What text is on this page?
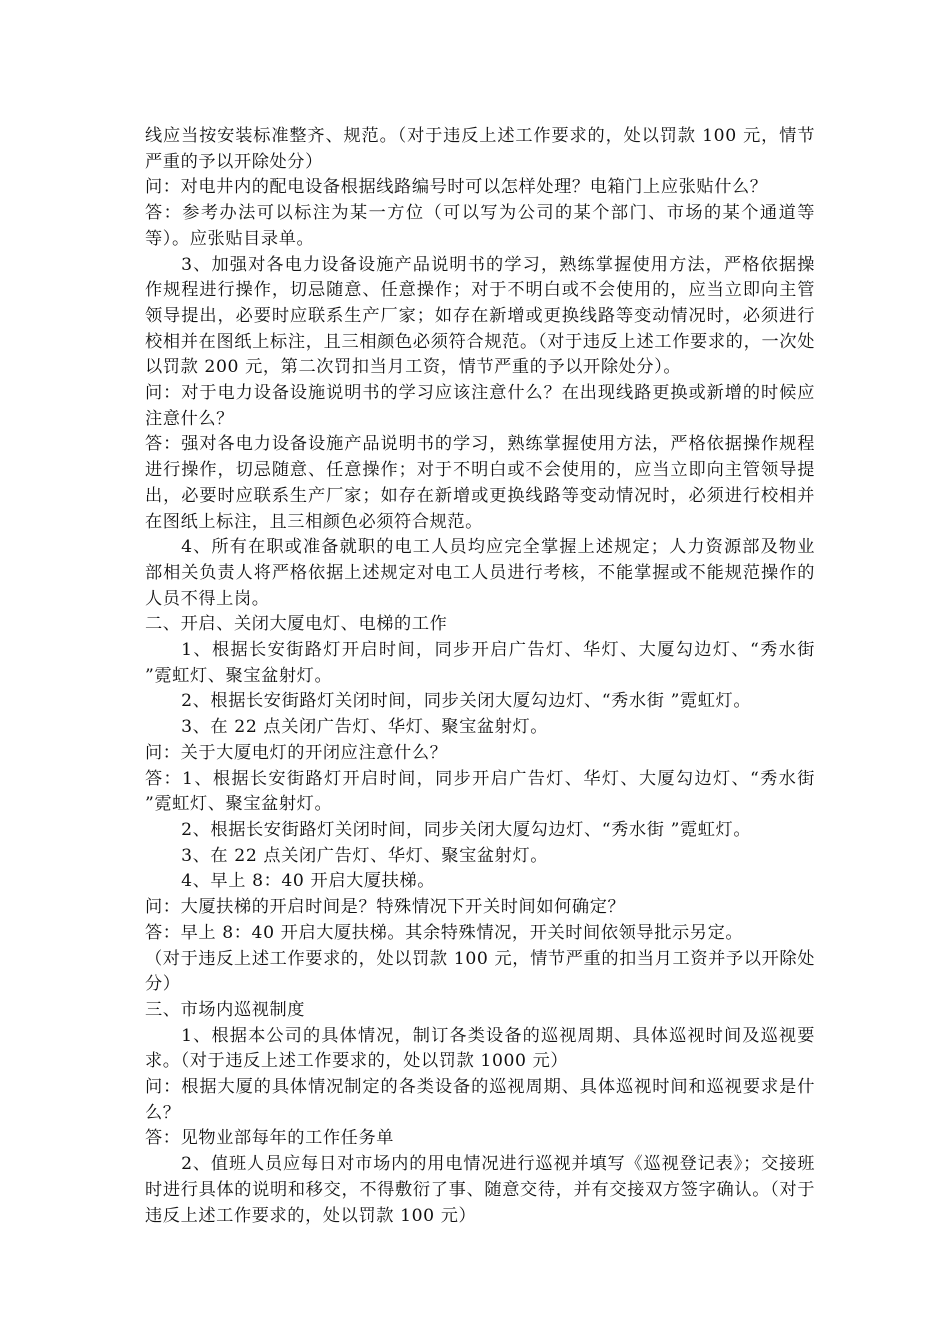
线应当按安装标准整齐、规范。（对于违反上述工作要求的，处以罚款 100 元，情节严重的予以开除处分）

问：对电井内的配电设备根据线路编号时可以怎样处理？电箱门上应张贴什么？

答：参考办法可以标注为某一方位（可以写为公司的某个部门、市场的某个通道等等）。应张贴目录单。

3、加强对各电力设备设施产品说明书的学习，熟练掌握使用方法，严格依据操作规程进行操作，切忌随意、任意操作；对于不明白或不会使用的，应当立即向主管领导提出，必要时应联系生产厂家；如存在新增或更换线路等变动情况时，必须进行校相并在图纸上标注，且三相颜色必须符合规范。（对于违反上述工作要求的，一次处以罚款 200 元，第二次罚扣当月工资，情节严重的予以开除处分）。

问：对于电力设备设施说明书的学习应该注意什么？在出现线路更换或新增的时候应注意什么？

答：强对各电力设备设施产品说明书的学习，熟练掌握使用方法，严格依据操作规程进行操作，切忌随意、任意操作；对于不明白或不会使用的，应当立即向主管领导提出，必要时应联系生产厂家；如存在新增或更换线路等变动情况时，必须进行校相并在图纸上标注，且三相颜色必须符合规范。

4、所有在职或准备就职的电工人员均应完全掌握上述规定；人力资源部及物业部相关负责人将严格依据上述规定对电工人员进行考核，不能掌握或不能规范操作的人员不得上岗。

二、开启、关闭大厦电灯、电梯的工作

1、根据长安街路灯开启时间，同步开启广告灯、华灯、大厦勾边灯、“秀水街 ”霓虹灯、聚宝盆射灯。

2、根据长安街路灯关闭时间，同步关闭大厦勾边灯、“秀水街 ”霓虹灯。

3、在 22 点关闭广告灯、华灯、聚宝盆射灯。

问：关于大厦电灯的开闭应注意什么？

答：1、根据长安街路灯开启时间，同步开启广告灯、华灯、大厦勾边灯、“秀水街 ”霓虹灯、聚宝盆射灯。

2、根据长安街路灯关闭时间，同步关闭大厦勾边灯、“秀水街 ”霓虹灯。

3、在 22 点关闭广告灯、华灯、聚宝盆射灯。

4、早上 8：40 开启大厦扶梯。

问：大厦扶梯的开启时间是？特殊情况下开关时间如何确定？

答：早上 8：40 开启大厦扶梯。其余特殊情况，开关时间依领导批示另定。

（对于违反上述工作要求的，处以罚款 100 元，情节严重的扣当月工资并予以开除处分）

三、市场内巡视制度

1、根据本公司的具体情况，制订各类设备的巡视周期、具体巡视时间及巡视要求。（对于违反上述工作要求的，处以罚款 1000 元）

问：根据大厦的具体情况制定的各类设备的巡视周期、具体巡视时间和巡视要求是什么？

答：见物业部每年的工作任务单

2、值班人员应每日对市场内的用电情况进行巡视并填写《巡视登记表》；交接班时进行具体的说明和移交，不得敷衍了事、随意交待，并有交接双方签字确认。（对于违反上述工作要求的，处以罚款 100 元）
